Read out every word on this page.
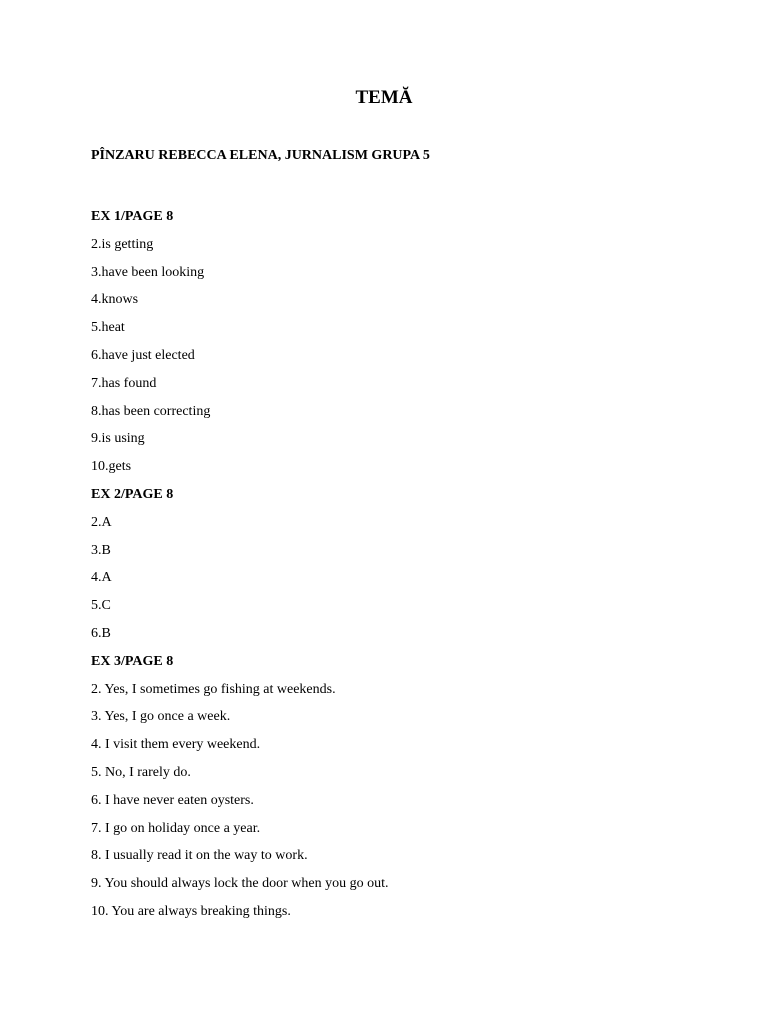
TEMĂ
PÎNZARU REBECCA ELENA, JURNALISM GRUPA 5
EX 1/PAGE 8
2.is getting
3.have been looking
4.knows
5.heat
6.have just elected
7.has found
8.has been correcting
9.is using
10.gets
EX 2/PAGE 8
2.A
3.B
4.A
5.C
6.B
EX 3/PAGE 8
2. Yes, I sometimes go fishing at weekends.
3. Yes, I go once a week.
4. I visit them every weekend.
5. No, I rarely do.
6. I have never eaten oysters.
7. I go on holiday once a year.
8. I usually read it on the way to work.
9. You should always lock the door when you go out.
10. You are always breaking things.
